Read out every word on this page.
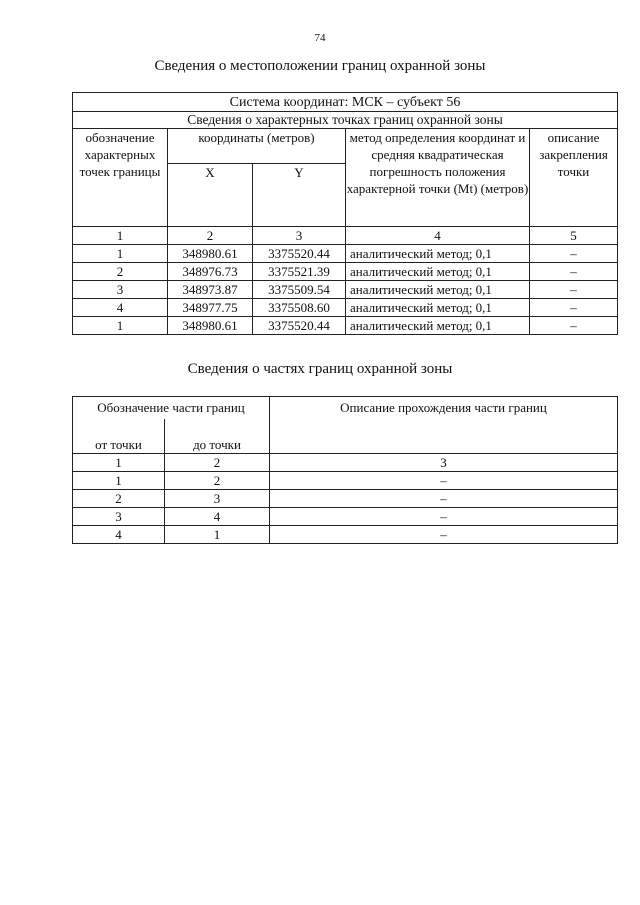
74
Сведения о местоположении границ охранной зоны
Система координат: МСК – субъект 56				
Сведения о характерных точках границ охранной зоны				
обозначение характерных точек границы	координаты (метров)		метод определения координат и средняя квадратическая погрешность положения характерной точки (Mt) (метров)	описание закрепления точки
	X	Y		
1	2	3	4	5
1	348980.61	3375520.44	аналитический метод; 0,1	–
2	348976.73	3375521.39	аналитический метод; 0,1	–
3	348973.87	3375509.54	аналитический метод; 0,1	–
4	348977.75	3375508.60	аналитический метод; 0,1	–
1	348980.61	3375520.44	аналитический метод; 0,1	–
Сведения о частях границ охранной зоны
Обозначение части границ		Описание прохождения части границ
от точки	до точки	
1	2	3
1	2	–
2	3	–
3	4	–
4	1	–
